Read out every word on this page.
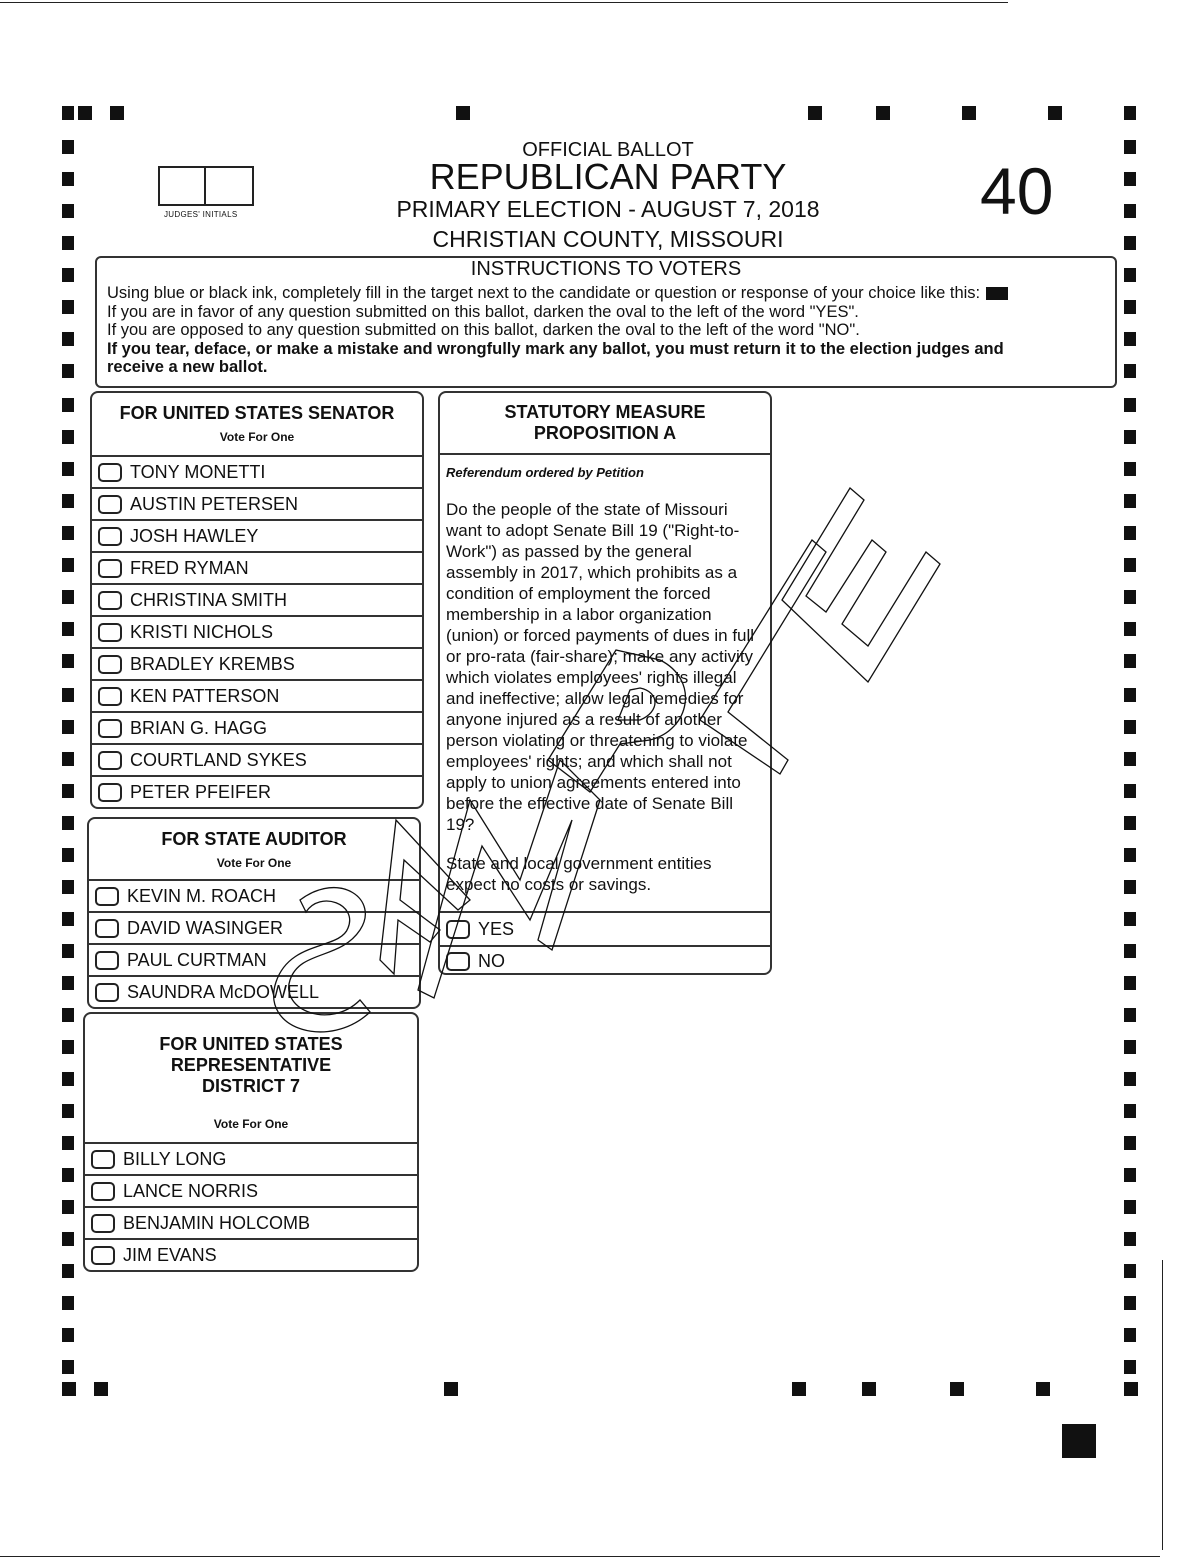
OFFICIAL BALLOT
REPUBLICAN PARTY
PRIMARY ELECTION - AUGUST 7, 2018
CHRISTIAN COUNTY, MISSOURI
JUDGES' INITIALS	40
INSTRUCTIONS TO VOTERS
Using blue or black ink, completely fill in the target next to the candidate or question or response of your choice like this:
If you are in favor of any question submitted on this ballot, darken the oval to the left of the word "YES".
If you are opposed to any question submitted on this ballot, darken the oval to the left of the word "NO".
If you tear, deface, or make a mistake and wrongfully mark any ballot, you must return it to the election judges and
receive a new ballot.
FOR UNITED STATES SENATOR
Vote For One
TONY MONETTI
AUSTIN PETERSEN
JOSH HAWLEY
FRED RYMAN
CHRISTINA SMITH
KRISTI NICHOLS
BRADLEY KREMBS
KEN PATTERSON
BRIAN G. HAGG
COURTLAND SYKES
PETER PFEIFER
FOR STATE AUDITOR
Vote For One
KEVIN M. ROACH
DAVID WASINGER
PAUL CURTMAN
SAUNDRA McDOWELL
FOR UNITED STATES
REPRESENTATIVE
DISTRICT 7
Vote For One
BILLY LONG
LANCE NORRIS
BENJAMIN HOLCOMB
JIM EVANS
STATUTORY MEASURE
PROPOSITION A
Referendum ordered by Petition
Do the people of the state of Missouri want to adopt Senate Bill 19 ("Right-to-Work") as passed by the general assembly in 2017, which prohibits as a condition of employment the forced membership in a labor organization (union) or forced payments of dues in full or pro-rata (fair-share); make any activity which violates employees' rights illegal and ineffective; allow legal remedies for anyone injured as a result of another person violating or threatening to violate employees' rights; and which shall not apply to union agreements entered into before the effective date of Senate Bill 19?
State and local government entities expect no costs or savings.
YES
NO
